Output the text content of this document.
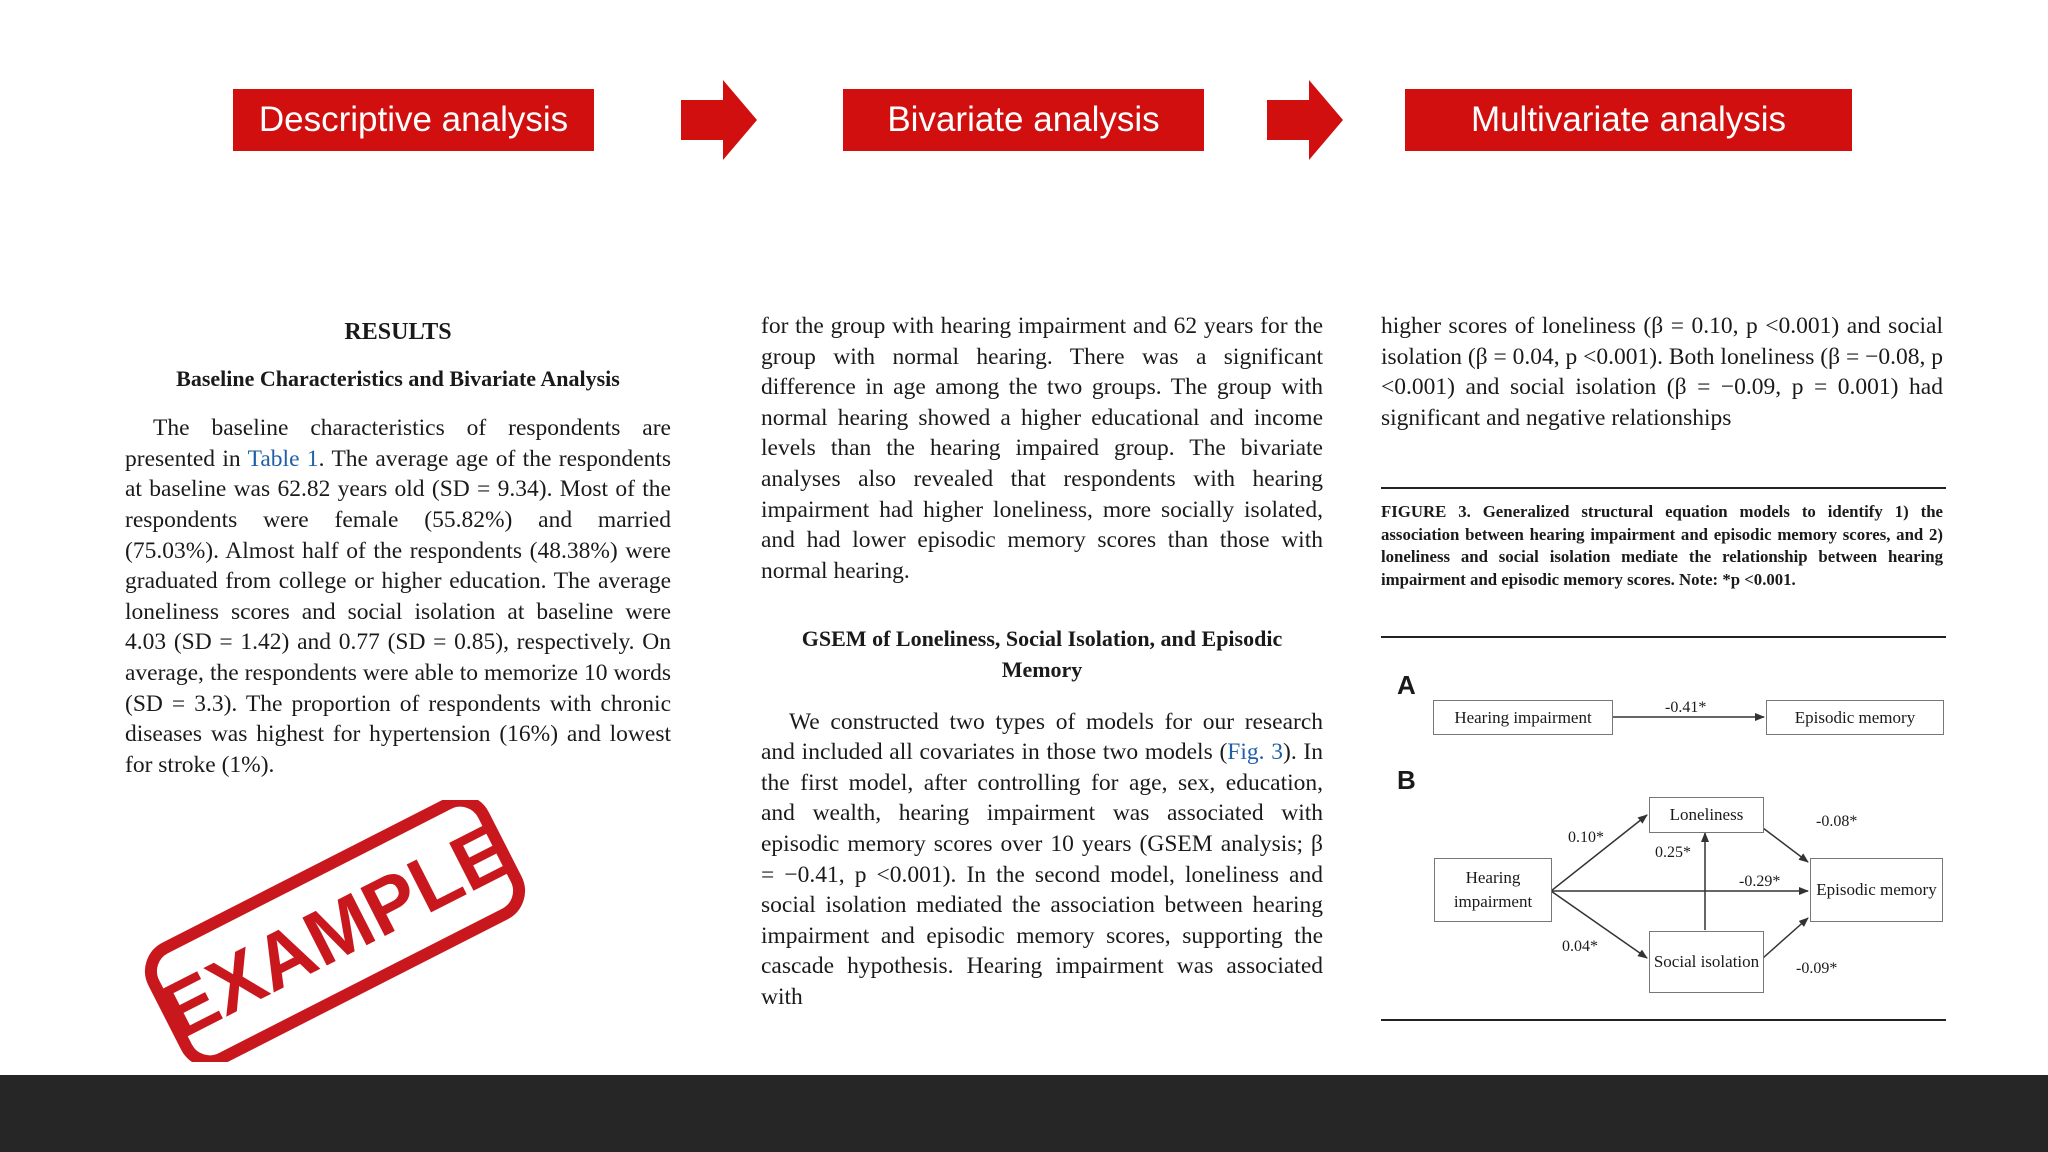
Descriptive analysis	Bivariate analysis	Multivariate analysis
RESULTS
Baseline Characteristics and Bivariate Analysis

The baseline characteristics of respondents are presented in Table 1. The average age of the respondents at baseline was 62.82 years old (SD = 9.34). Most of the respondents were female (55.82%) and married (75.03%). Almost half of the respondents (48.38%) were graduated from college or higher education. The average loneliness scores and social isolation at baseline were 4.03 (SD = 1.42) and 0.77 (SD = 0.85), respectively. On average, the respondents were able to memorize 10 words (SD = 3.3). The proportion of respondents with chronic diseases was highest for hypertension (16%) and lowest for stroke (1%).

EXAMPLE

for the group with hearing impairment and 62 years for the group with normal hearing. There was a significant difference in age among the two groups. The group with normal hearing showed a higher educational and income levels than the hearing impaired group. The bivariate analyses also revealed that respondents with hearing impairment had higher loneliness, more socially isolated, and had lower episodic memory scores than those with normal hearing.

GSEM of Loneliness, Social Isolation, and Episodic Memory

We constructed two types of models for our research and included all covariates in those two models (Fig. 3). In the first model, after controlling for age, sex, education, and wealth, hearing impairment was associated with episodic memory scores over 10 years (GSEM analysis; β = −0.41, p <0.001). In the second model, loneliness and social isolation mediated the association between hearing impairment and episodic memory scores, supporting the cascade hypothesis. Hearing impairment was associated with

higher scores of loneliness (β = 0.10, p <0.001) and social isolation (β = 0.04, p <0.001). Both loneliness (β = −0.08, p <0.001) and social isolation (β = −0.09, p = 0.001) had significant and negative relationships

FIGURE 3. Generalized structural equation models to identify 1) the association between hearing impairment and episodic memory scores, and 2) loneliness and social isolation mediate the relationship between hearing impairment and episodic memory scores. Note: *p <0.001.
A
B
Hearing impairment	Episodic memory
-0.41*
Hearing impairment
Loneliness
Social isolation
Episodic memory
0.10*
0.25*
-0.29*
-0.08*
0.04*
-0.09*
